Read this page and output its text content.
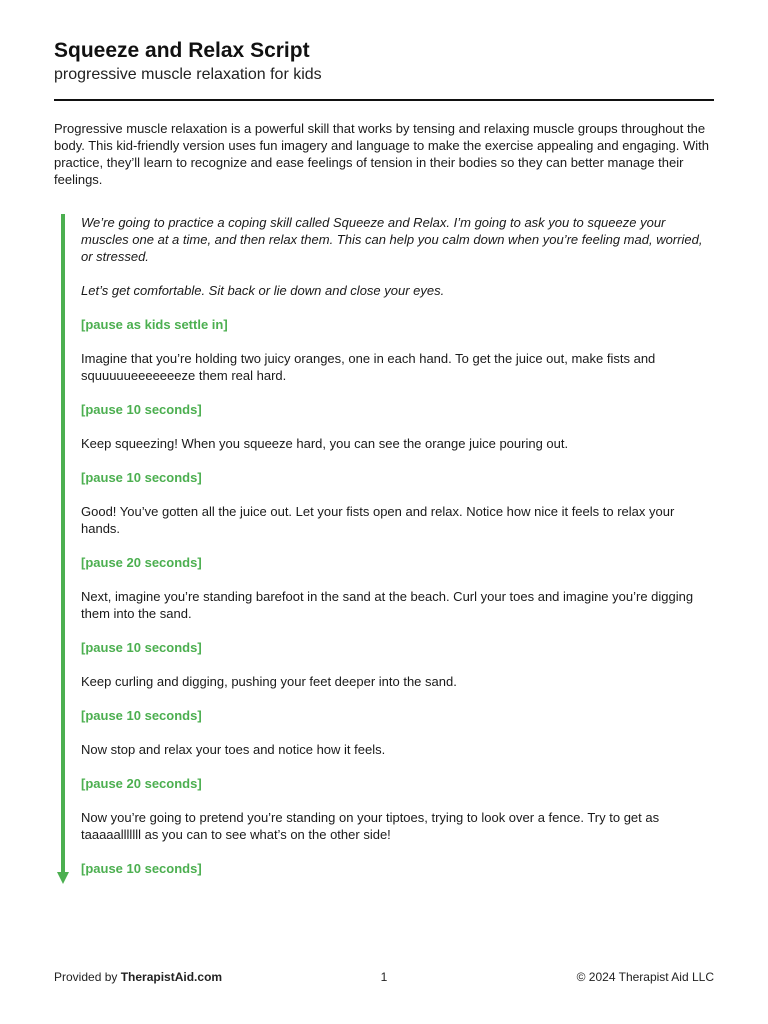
Squeeze and Relax Script

progressive muscle relaxation for kids

Progressive muscle relaxation is a powerful skill that works by tensing and relaxing muscle groups throughout the body. This kid-friendly version uses fun imagery and language to make the exercise appealing and engaging. With practice, they’ll learn to recognize and ease feelings of tension in their bodies so they can better manage their feelings.

We’re going to practice a coping skill called Squeeze and Relax. I’m going to ask you to squeeze your muscles one at a time, and then relax them. This can help you calm down when you’re feeling mad, worried, or stressed.

Let’s get comfortable. Sit back or lie down and close your eyes.

[pause as kids settle in]

Imagine that you’re holding two juicy oranges, one in each hand. To get the juice out, make fists and squuuuueeeeeeeze them real hard.

[pause 10 seconds]

Keep squeezing! When you squeeze hard, you can see the orange juice pouring out.

[pause 10 seconds]

Good! You’ve gotten all the juice out. Let your fists open and relax. Notice how nice it feels to relax your hands.

[pause 20 seconds]

Next, imagine you’re standing barefoot in the sand at the beach. Curl your toes and imagine you’re digging them into the sand.

[pause 10 seconds]

Keep curling and digging, pushing your feet deeper into the sand.

[pause 10 seconds]

Now stop and relax your toes and notice how it feels.

[pause 20 seconds]

Now you’re going to pretend you’re standing on your tiptoes, trying to look over a fence. Try to get as taaaaalllllll as you can to see what’s on the other side!

[pause 10 seconds]

Provided by TherapistAid.com	1	© 2024 Therapist Aid LLC
